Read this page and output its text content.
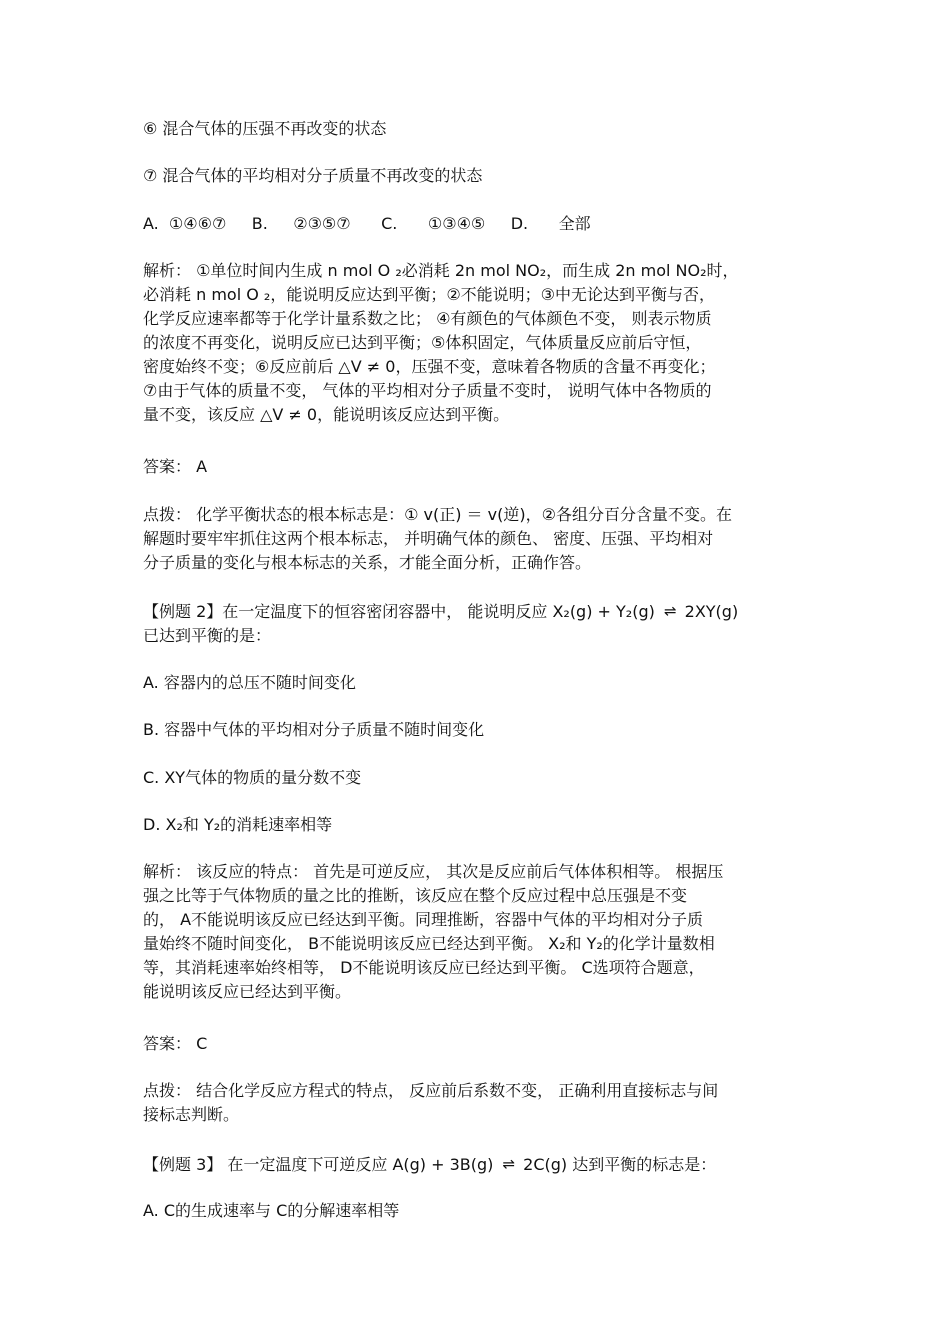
⑥ 混合气体的压强不再改变的状态

⑦ 混合气体的平均相对分子质量不再改变的状态

A.  ①④⑥⑦     B.     ②③⑤⑦      C.      ①③④⑤     D.      全部

解析： ①单位时间内生成 n mol O ₂必消耗 2n mol NO₂，而生成 2n mol NO₂时，
必消耗 n mol O ₂，能说明反应达到平衡；②不能说明；③中无论达到平衡与否，
化学反应速率都等于化学计量系数之比； ④有颜色的气体颜色不变， 则表示物质
的浓度不再变化，说明反应已达到平衡；⑤体积固定，气体质量反应前后守恒，
密度始终不变；⑥反应前后 △V ≠ 0，压强不变，意味着各物质的含量不再变化；
⑦由于气体的质量不变， 气体的平均相对分子质量不变时， 说明气体中各物质的
量不变，该反应 △V ≠ 0，能说明该反应达到平衡。

答案： A

点拨： 化学平衡状态的根本标志是：① v(正) ＝ v(逆)，②各组分百分含量不变。在
解题时要牢牢抓住这两个根本标志， 并明确气体的颜色、 密度、压强、平均相对
分子质量的变化与根本标志的关系，才能全面分析，正确作答。
【例题 2】在一定温度下的恒容密闭容器中， 能说明反应 X₂(g) + Y₂(g) ⇌ 2XY(g)
已达到平衡的是：

A. 容器内的总压不随时间变化

B. 容器中气体的平均相对分子质量不随时间变化

C. XY气体的物质的量分数不变

D. X₂和 Y₂的消耗速率相等

解析： 该反应的特点： 首先是可逆反应， 其次是反应前后气体体积相等。 根据压
强之比等于气体物质的量之比的推断，该反应在整个反应过程中总压强是不变
的， A不能说明该反应已经达到平衡。同理推断，容器中气体的平均相对分子质
量始终不随时间变化， B不能说明该反应已经达到平衡。 X₂和 Y₂的化学计量数相
等，其消耗速率始终相等， D不能说明该反应已经达到平衡。 C选项符合题意，
能说明该反应已经达到平衡。

答案： C

点拨： 结合化学反应方程式的特点， 反应前后系数不变， 正确利用直接标志与间
接标志判断。
【例题 3】 在一定温度下可逆反应 A(g) + 3B(g) ⇌ 2C(g) 达到平衡的标志是：

A. C的生成速率与 C的分解速率相等
